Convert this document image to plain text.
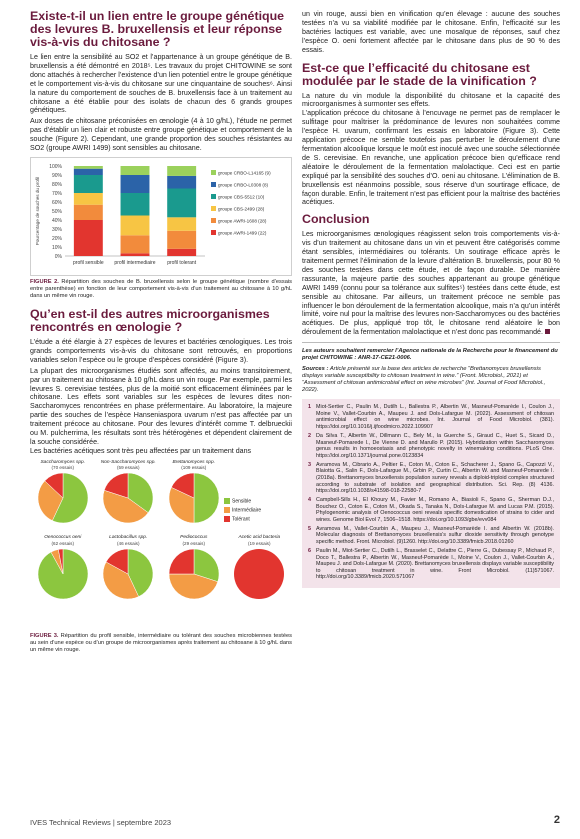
Existe-t-il un lien entre le groupe génétique des levures B. bruxellensis et leur réponse vis-à-vis du chitosane ?

Le lien entre la sensibilité au SO2 et l’appartenance à un groupe génétique de B. bruxellensis a été démontré en 2018⁵. Les travaux du projet CHITOWINE se sont donc attachés à rechercher l’existence d’un lien potentiel entre le groupe génétique et le comportement vis-à-vis du chitosane sur une cinquantaine de souches⁶. Ainsi la nature du comportement de souches de B. bruxellensis face à un traitement au chitosane a été établie pour des isolats de chacun des 6 grands groupes génétiques.

Aux doses de chitosane préconisées en œnologie (4 à 10 g/hL), l’étude ne permet pas d’établir un lien clair et robuste entre groupe génétique et comportement de la souche (Figure 2). Cependant, une grande proportion des souches résistantes au SO2 (groupe AWRI 1499) sont sensibles au chitosane.

0%
10%
20%
30%
40%
50%
60%
70%
80%
90%
100%
Pourcentage de souches du profil
profil sensible profil intermediaire profil tolerant
groupe CRBO-L14165 (9)
groupe CRBO-L0308 (8)
groupe CBS-5512 (10)
groupe CBS-2499 (28)
groupe AWRI-1608 (28)
groupe AWRI-1499 (22)

FIGURE 2. Répartition des souches de B. bruxellensis selon le groupe génétique (nombre d’essais entre parenthèse) en fonction de leur comportement vis-à-vis d’un traitement au chitosane à 10 g/hL dans un même vin rouge.

Qu’en est-il des autres microorganismes rencontrés en œnologie ?

L’étude a été élargie à 27 espèces de levures et bactéries œnologiques. Les trois grands comportements vis-à-vis du chitosane sont retrouvés, en proportions variables selon l’espèce ou le groupe d’espèces considéré (Figure 3).

La plupart des microorganismes étudiés sont affectés, au moins transitoirement, par un traitement au chitosane à 10 g/hL dans un vin rouge. Par exemple, parmi les levures S. cerevisiae testées, plus de la moitié sont efficacement éliminées par le chitosane. Les effets sont variables sur les espèces de levures dites non-Saccharomyces rencontrées en phase préfermentaire. Au laboratoire, la majeure partie des souches de l’espèce Hanseniaspora uvarum n’est pas affectée par un traitement précoce au chitosane. Pour des levures d’intérêt comme T. delbrueckii ou M. pulcherrima, les résultats sont très hétérogènes et dépendent clairement de la souche considérée.

Les bactéries acétiques sont très peu affectées par un traitement dans

Saccharomyces spp.
(70 essais)
Non-Saccharomyces spp.
(59 essais)
Brettanomyces spp.
(109 essais)
Oenococcus oeni
(62 essais)
Lactobacillus spp.
(46 essais)
Pediococcus
(29 essais)
Acetic acid bacteria
(19 essais)
Sensible
Intermédiaire
Tolérant

FIGURE 3. Répartition du profil sensible, intermédiaire ou tolérant des souches microbiennes testées au sein d’une espèce ou d’un groupe de microorganismes après traitement au chitosane à 10 g/hL dans un même vin rouge.

un vin rouge, aussi bien en vinification qu’en élevage : aucune des souches testées n’a vu sa viabilité modifiée par le chitosane. Enfin, l’efficacité sur les bactéries lactiques est variable, avec une mosaïque de réponses, sauf chez l’espèce O. oeni fortement affectée par le chitosane dans plus de 90 % des essais.

Est-ce que l’efficacité du chitosane est modulée par le stade de la vinification ?

La nature du vin module la disponibilité du chitosane et la capacité des microorganismes à surmonter ses effets.

L’application précoce du chitosane à l’encuvage ne permet pas de remplacer le sulfitage pour maîtriser la prédominance de levures non souhaitées comme l’espèce H. uvarum, confirmant les essais en laboratoire (Figure 3). Cette application précoce ne semble toutefois pas perturber le déroulement d’une fermentation alcoolique lorsque le moût est inoculé avec une souche sélectionnée de S. cerevisiae. En revanche, une application précoce bien qu’efficace rend aléatoire le déroulement de la fermentation malolactique. Ceci est en partie expliqué par la sensibilité des souches d’O. oeni au chitosane. L’élimination de B. bruxellensis est néanmoins possible, sous réserve d’un sourtirage efficace, de façon durable. Enfin, le traitement n’est pas efficient pour la maîtrise des bactéries acétiques.

Conclusion

Les microorganismes œnologiques réagissent selon trois comportements vis-à-vis d’un traitement au chitosane dans un vin et peuvent être catégorisés comme étant sensibles, intermédiaires ou tolérants. Un soutirage efficace après le traitement permet l’élimination de la levure d’altération B. bruxellensis, pour 80 % des souches testées dans cette étude, et de façon durable. De manière rassurante, la majeure partie des souches appartenant au groupe génétique AWRI 1499 (connu pour sa tolérance aux sulfites⁵) testées dans cette étude, est sensible au chitosane. Par ailleurs, un traitement précoce ne semble pas influencer le bon déroulement de la fermentation alcoolique, mais n’a qu’un intérêt limité, voire nul pour la maîtrise des levures non-Saccharomyces ou des bactéries acétiques. De plus, appliqué trop tôt, le chitosane rend aléatoire le bon déroulement de la fermentation malolactique et n’est donc pas recommandé.

Les auteurs souhaitent remercier l’Agence nationale de la Recherche pour le financement du projet CHITOWINE : ANR-17-CE21-0006.
Sources : Article présenté sur la base des articles de recherche “Brettanomyces bruxellensis displays variable susceptibility to chitosan treatment in wine.” (Front. Microbiol., 2021) et “Assessment of chitosan antimicrobial effect on wine microbes” (Int. Journal of Food Microbiol., 2022).
1 Miot-Sertier C., Paulin M., Dutilh L., Ballestra P., Albertin W., Masneuf-Pomarède I., Coulon J., Moine V., Vallet-Courbin A., Maupeu J. and Dols-Lafargue M. (2022). Assessment of chitosan antimicrobial effect on wine microbes. Int. Journal of Food Microbiol. (381). https://doi.org/10.1016/j.ijfoodmicro.2022.109907
2 Da Silva T., Albertin W., Dillmann C., Bely M., la Guerche S., Giraud C., Huet S., Sicard D., Masneuf-Pomarede I., De Vienne D. and Marullo P. (2015). Hybridization within Saccharomyces genus results in homoeostasis and phenotypic novelty in winemaking conditions. PLoS One. https://doi.org/10.1371/journal.pone.0123834
3 Avramova M., Cibrario A., Peltier E., Coton M., Coton E., Schacherer J., Spano G., Capozzi V., Blaiotta G., Salin F., Dols-Lafargue M., Grbin P., Curtin C., Albertin W. and Masneuf-Pomarede I. (2018a). Brettanomyces bruxellensis population survey reveals a diploid-triploid complex structured according to substrate of isolation and geographical distribution. Sci. Rep. (8) 4136. https://doi.org/10.1038/s41598-018-22580-7
4 Campbell-Sills H., El Khoury M., Favier M., Romano A., Biasioli F., Spano G., Sherman D.J., Bouchez O., Coton E., Coton M., Okada S., Tanaka N., Dols-Lafargue M. and Lucas P.M. (2015). Phylogenomic analysis of Oenococcus oeni reveals specific domestication of strains to cider and wines. Genome Biol Evol 7, 1506–1518. https://doi.org/10.1093/gbe/evv084
5 Avramova M., Vallet-Courbin A., Maupeu J., Masneuf-Pomarède I. and Albertin W. (2018b). Molecular diagnosis of Brettanomyces bruxellensis’s sulfur dioxide sensitivity through genotype specific method. Front. Microbiol. (9)1260. http://doi.org/10.3389/fmicb.2018.01260
6 Paulin M., Miot-Sertier C., Dutilh L., Brasselet C., Delattre C., Pierre G., Dubessay P., Michaud P., Doco T., Ballestra P., Albertin W., Masneuf-Pomarède I., Moine V., Coulon J., Vallet-Courbin A., Maupeu J. and Dols-Lafargue M. (2020). Brettanomyces bruxellensis displays variable susceptibility to chitosan treatment in wine. Front Microbiol. (11)571067. http://doi.org/10.3389/fmicb.2020.571067
IVES Technical Reviews | septembre 2023	2
